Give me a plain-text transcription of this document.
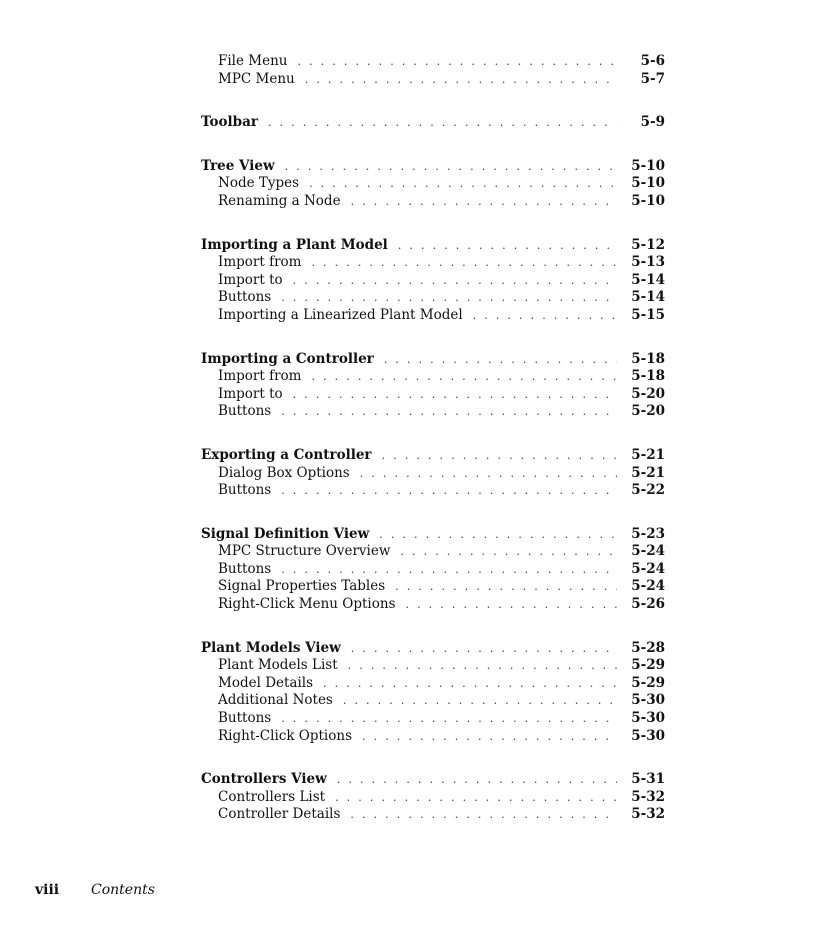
File Menu . . .	5-6
MPC Menu . . .	5-7
Toolbar . . .	5-9
Tree View . . .	5-10
Node Types . . .	5-10
Renaming a Node . . .	5-10
Importing a Plant Model . . .	5-12
Import from . . .	5-13
Import to . . .	5-14
Buttons . . .	5-14
Importing a Linearized Plant Model . . .	5-15
Importing a Controller . . .	5-18
Import from . . .	5-18
Import to . . .	5-20
Buttons . . .	5-20
Exporting a Controller . . .	5-21
Dialog Box Options . . .	5-21
Buttons . . .	5-22
Signal Definition View . . .	5-23
MPC Structure Overview . . .	5-24
Buttons . . .	5-24
Signal Properties Tables . . .	5-24
Right-Click Menu Options . . .	5-26
Plant Models View . . .	5-28
Plant Models List . . .	5-29
Model Details . . .	5-29
Additional Notes . . .	5-30
Buttons . . .	5-30
Right-Click Options . . .	5-30
Controllers View . . .	5-31
Controllers List . . .	5-32
Controller Details . . .	5-32
viii	Contents
